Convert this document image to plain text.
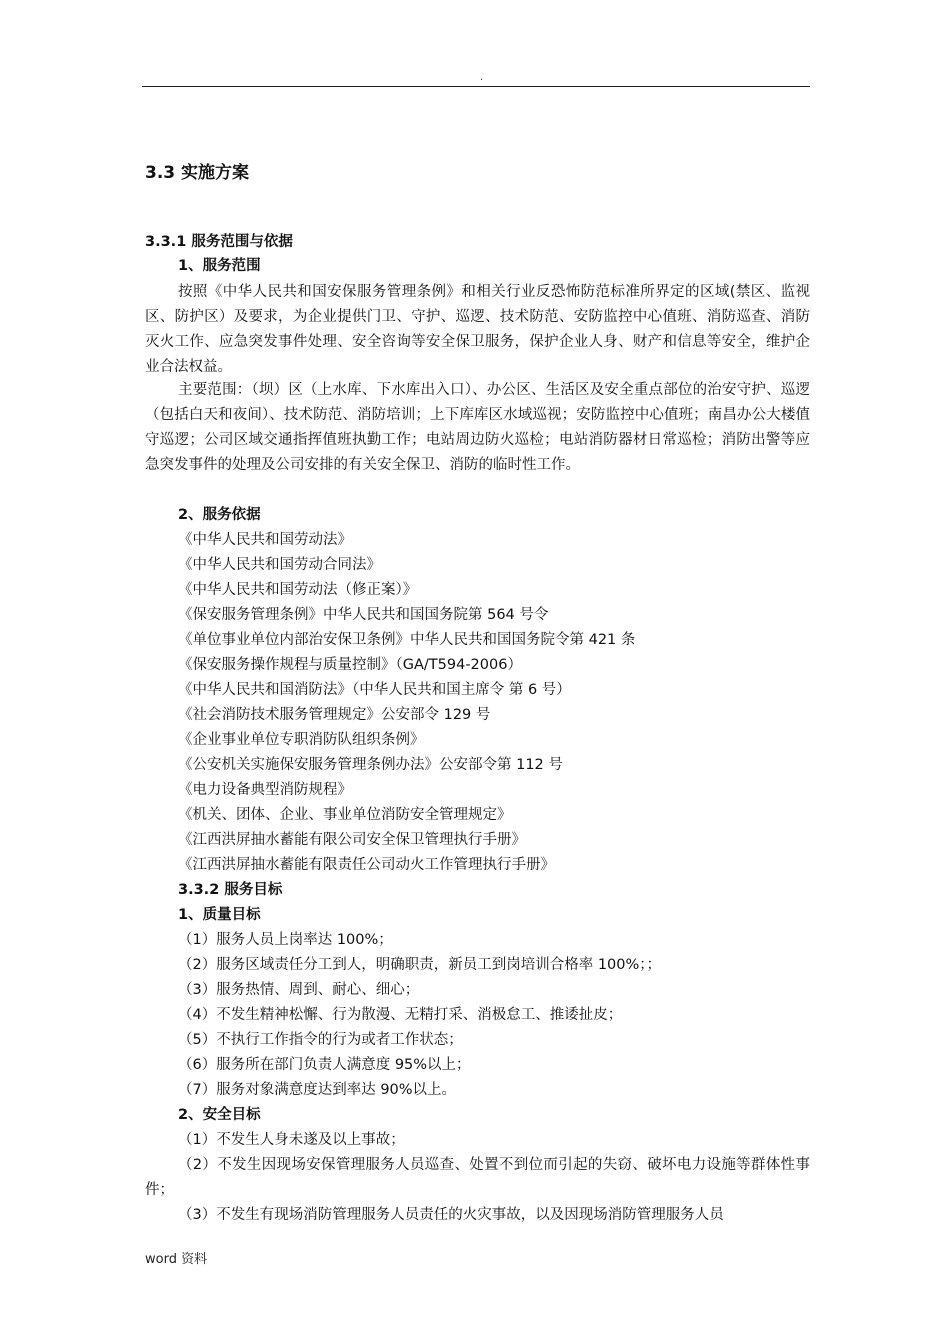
.
3.3 实施方案
3.3.1 服务范围与依据
1、服务范围
按照《中华人民共和国安保服务管理条例》和相关行业反恐怖防范标准所界定的区域(禁区、监视区、防护区）及要求，为企业提供门卫、守护、巡逻、技术防范、安防监控中心值班、消防巡查、消防灭火工作、应急突发事件处理、安全咨询等安全保卫服务，保护企业人身、财产和信息等安全，维护企业合法权益。
主要范围：（坝）区（上水库、下水库出入口）、办公区、生活区及安全重点部位的治安守护、巡逻（包括白天和夜间）、技术防范、消防培训；上下库库区水域巡视；安防监控中心值班；南昌办公大楼值守巡逻；公司区域交通指挥值班执勤工作；电站周边防火巡检；电站消防器材日常巡检；消防出警等应急突发事件的处理及公司安排的有关安全保卫、消防的临时性工作。
2、服务依据
《中华人民共和国劳动法》
《中华人民共和国劳动合同法》
《中华人民共和国劳动法（修正案）》
《保安服务管理条例》中华人民共和国国务院第 564 号令
《单位事业单位内部治安保卫条例》中华人民共和国国务院令第 421 条
《保安服务操作规程与质量控制》（GA/T594-2006）
《中华人民共和国消防法》（中华人民共和国主席令 第 6 号）
《社会消防技术服务管理规定》公安部令 129 号
《企业事业单位专职消防队组织条例》
《公安机关实施保安服务管理条例办法》公安部令第 112 号
《电力设备典型消防规程》
《机关、团体、企业、事业单位消防安全管理规定》
《江西洪屏抽水蓄能有限公司安全保卫管理执行手册》
《江西洪屏抽水蓄能有限责任公司动火工作管理执行手册》
3.3.2 服务目标
1、质量目标
（1）服务人员上岗率达 100%；
（2）服务区域责任分工到人，明确职责，新员工到岗培训合格率 100%；；
（3）服务热情、周到、耐心、细心；
（4）不发生精神松懈、行为散漫、无精打采、消极怠工、推诿扯皮；
（5）不执行工作指令的行为或者工作状态；
（6）服务所在部门负责人满意度 95%以上；
（7）服务对象满意度达到率达 90%以上。
2、安全目标
（1）不发生人身未遂及以上事故；
（2）不发生因现场安保管理服务人员巡查、处置不到位而引起的失窃、破坏电力设施等群体性事件；
（3）不发生有现场消防管理服务人员责任的火灾事故，以及因现场消防管理服务人员
word 资料
